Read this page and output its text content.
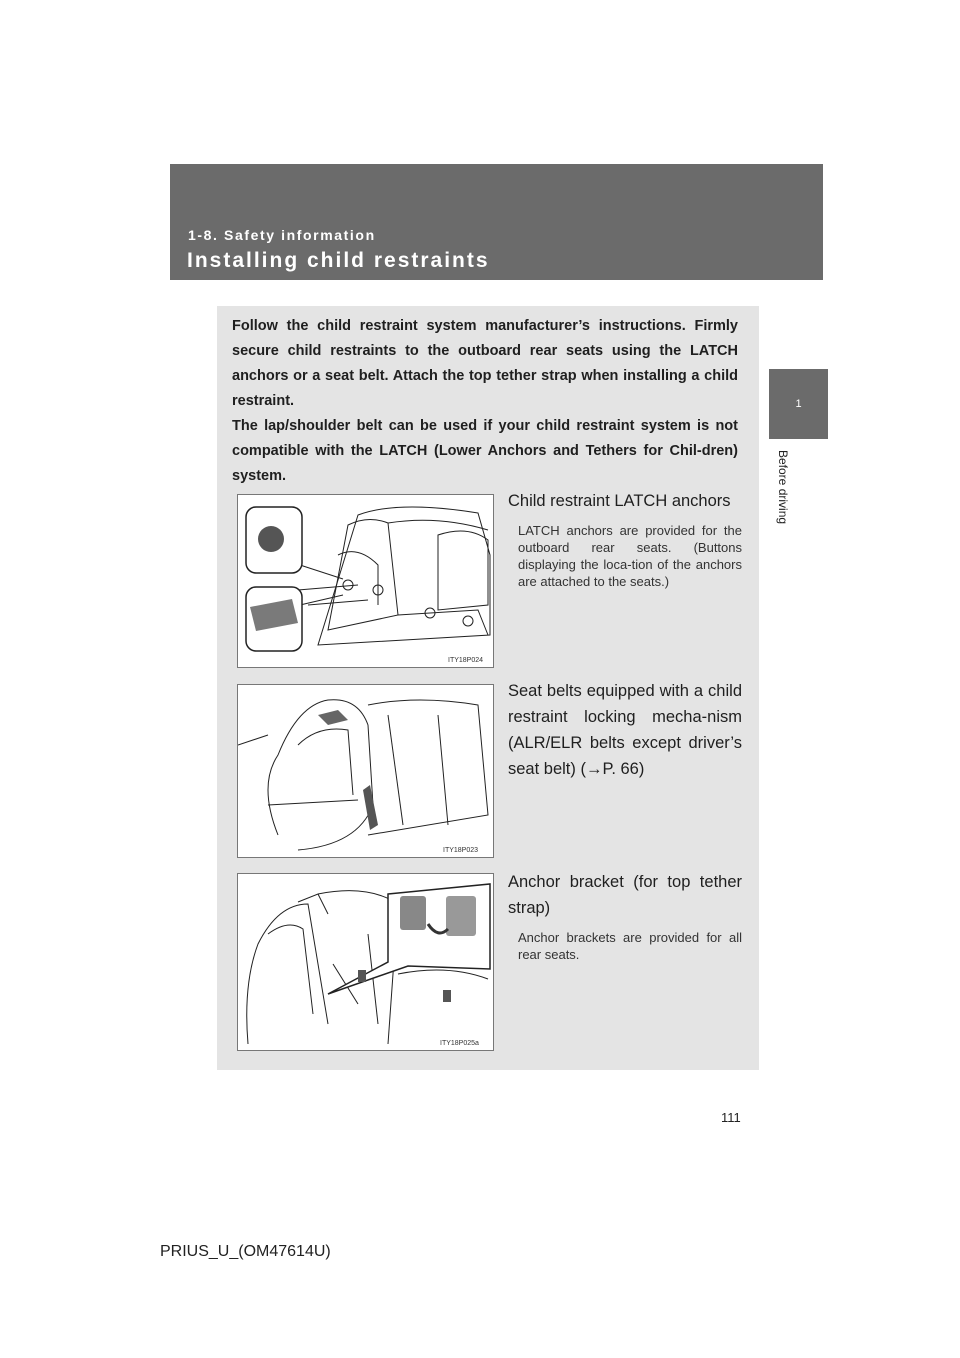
1-8. Safety information
Installing child restraints
1
Before driving

Follow the child restraint system manufacturer’s instructions. Firmly secure child restraints to the outboard rear seats using the LATCH anchors or a seat belt. Attach the top tether strap when installing a child restraint.

The lap/shoulder belt can be used if your child restraint system is not compatible with the LATCH (Lower Anchors and Tethers for Chil-dren) system.

ITY18P024
Child restraint LATCH anchors
LATCH anchors are provided for the outboard rear seats. (Buttons displaying the loca-tion of the anchors are attached to the seats.)
ITY18P023
Seat belts equipped with a child restraint locking mecha-nism (ALR/ELR belts except driver’s seat belt) (→P. 66)
ITY18P025a
Anchor bracket (for top tether strap)
Anchor brackets are provided for all rear seats.
111
PRIUS_U_(OM47614U)
